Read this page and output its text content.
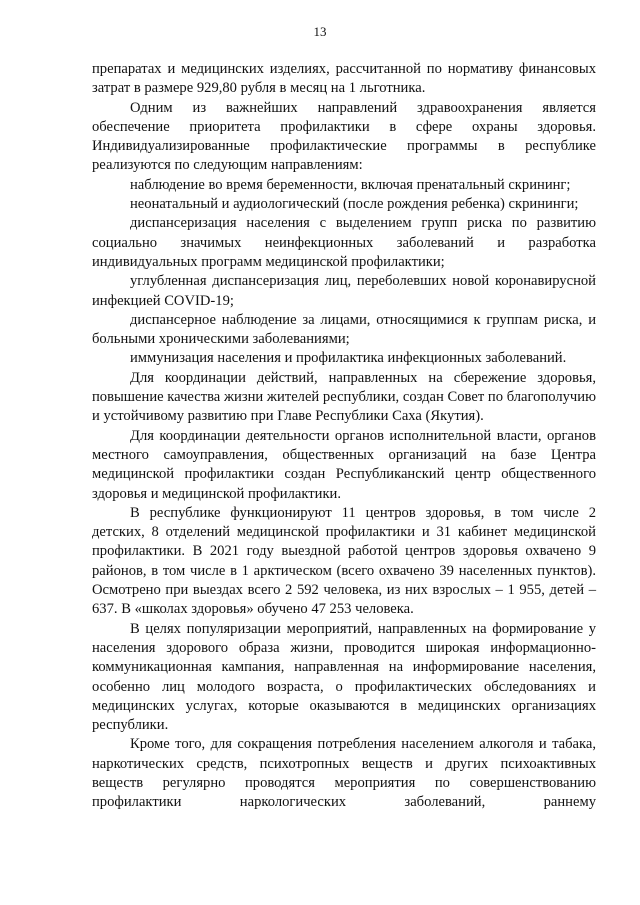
13

препаратах и медицинских изделиях, рассчитанной по нормативу финансовых затрат в размере 929,80 рубля в месяц на 1 льготника.

Одним из важнейших направлений здравоохранения является обеспечение приоритета профилактики в сфере охраны здоровья. Индивидуализированные профилактические программы в республике реализуются по следующим направлениям:

наблюдение во время беременности, включая пренатальный скрининг;

неонатальный и аудиологический (после рождения ребенка) скрининги;

диспансеризация населения с выделением групп риска по развитию социально значимых неинфекционных заболеваний и разработка индивидуальных программ медицинской профилактики;

углубленная диспансеризация лиц, переболевших новой коронавирусной инфекцией COVID-19;

диспансерное наблюдение за лицами, относящимися к группам риска, и больными хроническими заболеваниями;

иммунизация населения и профилактика инфекционных заболеваний.

Для координации действий, направленных на сбережение здоровья, повышение качества жизни жителей республики, создан Совет по благополучию и устойчивому развитию при Главе Республики Саха (Якутия).

Для координации деятельности органов исполнительной власти, органов местного самоуправления, общественных организаций на базе Центра медицинской профилактики создан Республиканский центр общественного здоровья и медицинской профилактики.

В республике функционируют 11 центров здоровья, в том числе 2 детских, 8 отделений медицинской профилактики и 31 кабинет медицинской профилактики. В 2021 году выездной работой центров здоровья охвачено 9 районов, в том числе в 1 арктическом (всего охвачено 39 населенных пунктов). Осмотрено при выездах всего 2 592 человека, из них взрослых – 1 955, детей – 637. В «школах здоровья» обучено 47 253 человека.

В целях популяризации мероприятий, направленных на формирование у населения здорового образа жизни, проводится широкая информационно-коммуникационная кампания, направленная на информирование населения, особенно лиц молодого возраста, о профилактических обследованиях и медицинских услугах, которые оказываются в медицинских организациях республики.

Кроме того, для сокращения потребления населением алкоголя и табака, наркотических средств, психотропных веществ и других психоактивных веществ регулярно проводятся мероприятия по совершенствованию профилактики наркологических заболеваний, раннему
